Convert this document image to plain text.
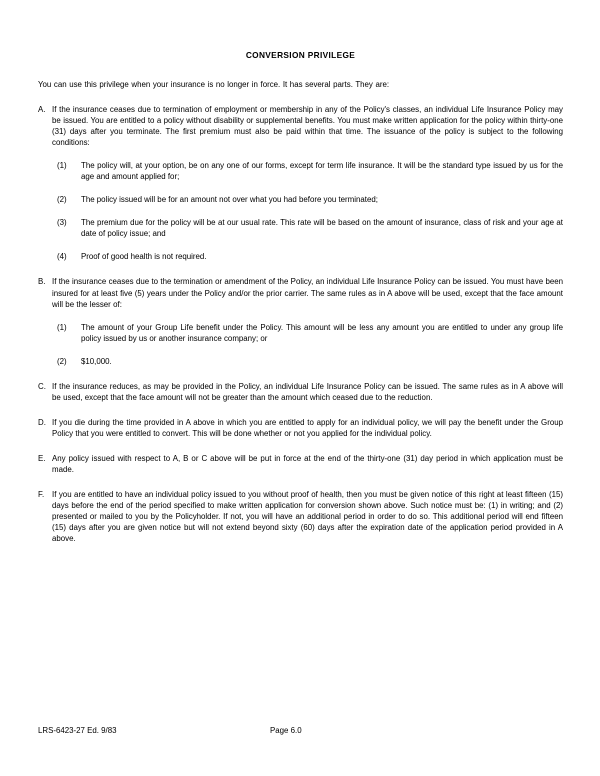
CONVERSION PRIVILEGE

You can use this privilege when your insurance is no longer in force. It has several parts. They are:

A. If the insurance ceases due to termination of employment or membership in any of the Policy's classes, an individual Life Insurance Policy may be issued. You are entitled to a policy without disability or supplemental benefits. You must make written application for the policy within thirty-one (31) days after you terminate. The first premium must also be paid within that time. The issuance of the policy is subject to the following conditions:
(1)	The policy will, at your option, be on any one of our forms, except for term life insurance. It will be the standard type issued by us for the age and amount applied for;
(2)	The policy issued will be for an amount not over what you had before you terminated;
(3)	The premium due for the policy will be at our usual rate. This rate will be based on the amount of insurance, class of risk and your age at date of policy issue; and
(4)	Proof of good health is not required.
B. If the insurance ceases due to the termination or amendment of the Policy, an individual Life Insurance Policy can be issued. You must have been insured for at least five (5) years under the Policy and/or the prior carrier. The same rules as in A above will be used, except that the face amount will be the lesser of:
(1)	The amount of your Group Life benefit under the Policy. This amount will be less any amount you are entitled to under any group life policy issued by us or another insurance company; or
(2)	$10,000.
C. If the insurance reduces, as may be provided in the Policy, an individual Life Insurance Policy can be issued. The same rules as in A above will be used, except that the face amount will not be greater than the amount which ceased due to the reduction.
D. If you die during the time provided in A above in which you are entitled to apply for an individual policy, we will pay the benefit under the Group Policy that you were entitled to convert. This will be done whether or not you applied for the individual policy.
E. Any policy issued with respect to A, B or C above will be put in force at the end of the thirty-one (31) day period in which application must be made.
F. If you are entitled to have an individual policy issued to you without proof of health, then you must be given notice of this right at least fifteen (15) days before the end of the period specified to make written application for conversion shown above. Such notice must be: (1) in writing; and (2) presented or mailed to you by the Policyholder. If not, you will have an additional period in order to do so. This additional period will end fifteen (15) days after you are given notice but will not extend beyond sixty (60) days after the expiration date of the application period provided in A above.
LRS-6423-27 Ed. 9/83	Page 6.0
